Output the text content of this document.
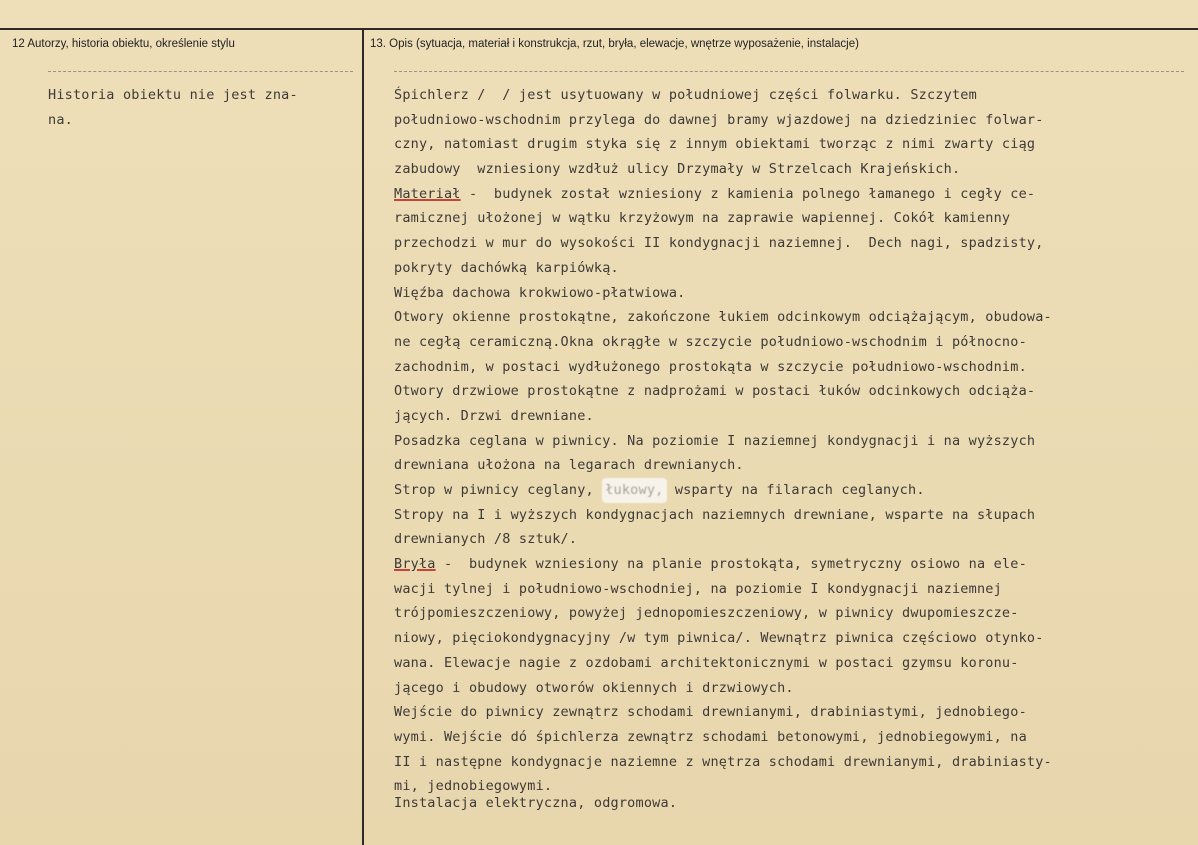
12 Autorzy, historia obiektu, określenie stylu	13. Opis (sytuacja, materiał i konstrukcja, rzut, bryła, elewacje, wnętrze wyposażenie, instalacje)
Historia obiektu nie jest zna-
na.
Śpichlerz /  / jest usytuowany w południowej części folwarku. Szczytem
południowo-wschodnim przylega do dawnej bramy wjazdowej na dziedziniec folwar-
czny, natomiast drugim styka się z innym obiektami tworząc z nimi zwarty ciąg
zabudowy  wzniesiony wzdłuż ulicy Drzymały w Strzelcach Krajeńskich.
Materiał -  budynek został wzniesiony z kamienia polnego łamanego i cegły ce-
ramicznej ułożonej w wątku krzyżowym na zaprawie wapiennej. Cokół kamienny
przechodzi w mur do wysokości II kondygnacji naziemnej.  Dech nagi, spadzisty,
pokryty dachówką karpiówką.
Więźba dachowa krokwiowo-płatwiowa.
Otwory okienne prostokątne, zakończone łukiem odcinkowym odciążającym, obudowa-
ne cegłą ceramiczną.Okna okrągłe w szczycie południowo-wschodnim i północno-
zachodnim, w postaci wydłużonego prostokąta w szczycie południowo-wschodnim.
Otwory drzwiowe prostokątne z nadprożami w postaci łuków odcinkowych odciąża-
jących. Drzwi drewniane.
Posadzka ceglana w piwnicy. Na poziomie I naziemnej kondygnacji i na wyższych
drewniana ułożona na legarach drewnianych.
Strop w piwnicy ceglany, łukowy, wsparty na filarach ceglanych.
Stropy na I i wyższych kondygnacjach naziemnych drewniane, wsparte na słupach
drewnianych /8 sztuk/.
Bryła -  budynek wzniesiony na planie prostokąta, symetryczny osiowo na ele-
wacji tylnej i południowo-wschodniej, na poziomie I kondygnacji naziemnej
trójpomieszczeniowy, powyżej jednopomieszczeniowy, w piwnicy dwupomieszcze-
niowy, pięciokondygnacyjny /w tym piwnica/. Wewnątrz piwnica częściowo otynko-
wana. Elewacje nagie z ozdobami architektonicznymi w postaci gzymsu koronu-
jącego i obudowy otworów okiennych i drzwiowych.
Wejście do piwnicy zewnątrz schodami drewnianymi, drabiniastymi, jednobiego-
wymi. Wejście dó śpichlerza zewnątrz schodami betonowymi, jednobiegowymi, na
II i następne kondygnacje naziemne z wnętrza schodami drewnianymi, drabiniasty-
mi, jednobiegowymi.
Instalacja elektryczna, odgromowa.
